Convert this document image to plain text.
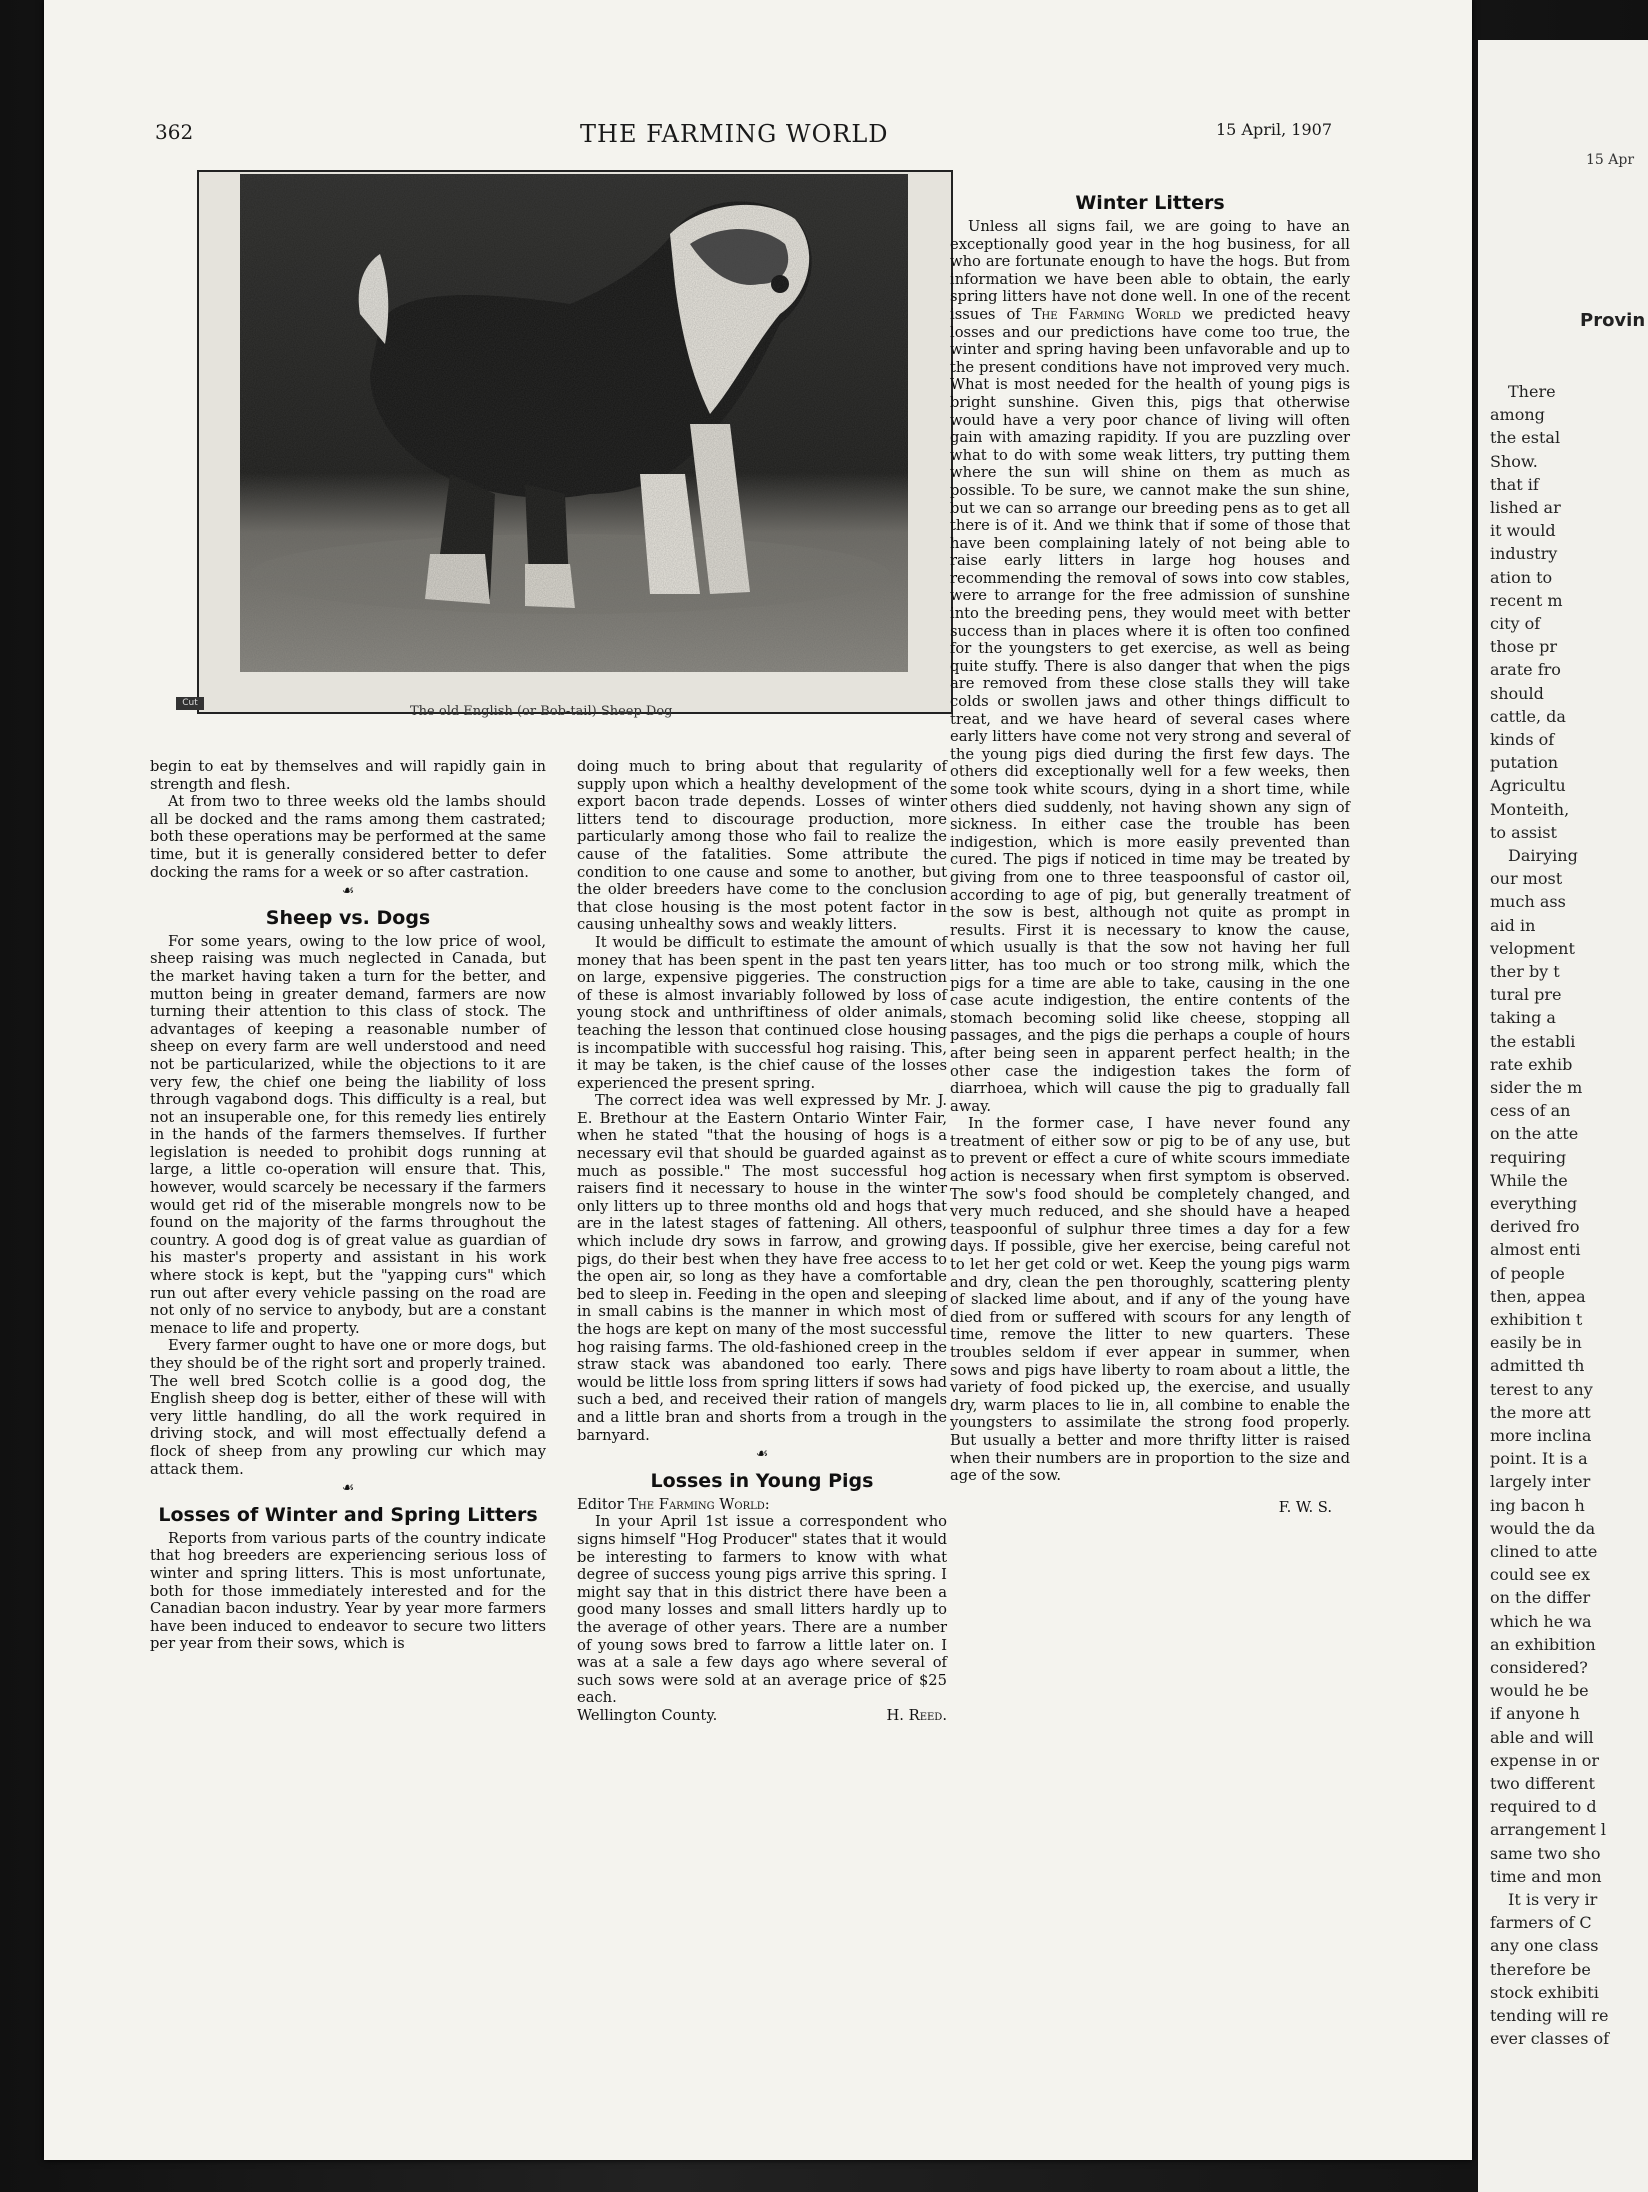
362	THE FARMING WORLD	15 April, 1907
Cut
The old English (or Bob-tail) Sheep Dog

begin to eat by themselves and will rapidly gain in strength and flesh.

At from two to three weeks old the lambs should all be docked and the rams among them castrated; both these operations may be performed at the same time, but it is generally considered better to defer docking the rams for a week or so after castration.

☙
Sheep vs. Dogs

For some years, owing to the low price of wool, sheep raising was much neglected in Canada, but the market having taken a turn for the better, and mutton being in greater demand, farmers are now turning their attention to this class of stock. The advantages of keeping a reasonable number of sheep on every farm are well understood and need not be particularized, while the objections to it are very few, the chief one being the liability of loss through vagabond dogs. This difficulty is a real, but not an insuperable one, for this remedy lies entirely in the hands of the farmers themselves. If further legislation is needed to prohibit dogs running at large, a little co-operation will ensure that. This, however, would scarcely be necessary if the farmers would get rid of the miserable mongrels now to be found on the majority of the farms throughout the country. A good dog is of great value as guardian of his master's property and assistant in his work where stock is kept, but the "yapping curs" which run out after every vehicle passing on the road are not only of no service to anybody, but are a constant menace to life and property.

Every farmer ought to have one or more dogs, but they should be of the right sort and properly trained. The well bred Scotch collie is a good dog, the English sheep dog is better, either of these will with very little handling, do all the work required in driving stock, and will most effectually defend a flock of sheep from any prowling cur which may attack them.

☙
Losses of Winter and Spring Litters

Reports from various parts of the country indicate that hog breeders are experiencing serious loss of winter and spring litters. This is most unfortunate, both for those immediately interested and for the Canadian bacon industry. Year by year more farmers have been induced to endeavor to secure two litters per year from their sows, which is

doing much to bring about that regularity of supply upon which a healthy development of the export bacon trade depends. Losses of winter litters tend to discourage production, more particularly among those who fail to realize the cause of the fatalities. Some attribute the condition to one cause and some to another, but the older breeders have come to the conclusion that close housing is the most potent factor in causing unhealthy sows and weakly litters.

It would be difficult to estimate the amount of money that has been spent in the past ten years on large, expensive piggeries. The construction of these is almost invariably followed by loss of young stock and unthriftiness of older animals, teaching the lesson that continued close housing is incompatible with successful hog raising. This, it may be taken, is the chief cause of the losses experienced the present spring.

The correct idea was well expressed by Mr. J. E. Brethour at the Eastern Ontario Winter Fair, when he stated "that the housing of hogs is a necessary evil that should be guarded against as much as possible." The most successful hog raisers find it necessary to house in the winter only litters up to three months old and hogs that are in the latest stages of fattening. All others, which include dry sows in farrow, and growing pigs, do their best when they have free access to the open air, so long as they have a comfortable bed to sleep in. Feeding in the open and sleeping in small cabins is the manner in which most of the hogs are kept on many of the most successful hog raising farms. The old-fashioned creep in the straw stack was abandoned too early. There would be little loss from spring litters if sows had such a bed, and received their ration of mangels and a little bran and shorts from a trough in the barnyard.

☙
Losses in Young Pigs

Editor The Farming World:

In your April 1st issue a correspondent who signs himself "Hog Producer" states that it would be interesting to farmers to know with what degree of success young pigs arrive this spring. I might say that in this district there have been a good many losses and small litters hardly up to the average of other years. There are a number of young sows bred to farrow a little later on. I was at a sale a few days ago where several of such sows were sold at an average price of $25 each.

Wellington County.	H. Reed.
Winter Litters

Unless all signs fail, we are going to have an exceptionally good year in the hog business, for all who are fortunate enough to have the hogs. But from information we have been able to obtain, the early spring litters have not done well. In one of the recent issues of The Farming World we predicted heavy losses and our predictions have come too true, the winter and spring having been unfavorable and up to the present conditions have not improved very much. What is most needed for the health of young pigs is bright sunshine. Given this, pigs that otherwise would have a very poor chance of living will often gain with amazing rapidity. If you are puzzling over what to do with some weak litters, try putting them where the sun will shine on them as much as possible. To be sure, we cannot make the sun shine, but we can so arrange our breeding pens as to get all there is of it. And we think that if some of those that have been complaining lately of not being able to raise early litters in large hog houses and recommending the removal of sows into cow stables, were to arrange for the free admission of sunshine into the breeding pens, they would meet with better success than in places where it is often too confined for the youngsters to get exercise, as well as being quite stuffy. There is also danger that when the pigs are removed from these close stalls they will take colds or swollen jaws and other things difficult to treat, and we have heard of several cases where early litters have come not very strong and several of the young pigs died during the first few days. The others did exceptionally well for a few weeks, then some took white scours, dying in a short time, while others died suddenly, not having shown any sign of sickness. In either case the trouble has been indigestion, which is more easily prevented than cured. The pigs if noticed in time may be treated by giving from one to three teaspoonsful of castor oil, according to age of pig, but generally treatment of the sow is best, although not quite as prompt in results. First it is necessary to know the cause, which usually is that the sow not having her full litter, has too much or too strong milk, which the pigs for a time are able to take, causing in the one case acute indigestion, the entire contents of the stomach becoming solid like cheese, stopping all passages, and the pigs die perhaps a couple of hours after being seen in apparent perfect health; in the other case the indigestion takes the form of diarrhoea, which will cause the pig to gradually fall away.

In the former case, I have never found any treatment of either sow or pig to be of any use, but to prevent or effect a cure of white scours immediate action is necessary when first symptom is observed. The sow's food should be completely changed, and very much reduced, and she should have a heaped teaspoonful of sulphur three times a day for a few days. If possible, give her exercise, being careful not to let her get cold or wet. Keep the young pigs warm and dry, clean the pen thoroughly, scattering plenty of slacked lime about, and if any of the young have died from or suffered with scours for any length of time, remove the litter to new quarters. These troubles seldom if ever appear in summer, when sows and pigs have liberty to roam about a little, the variety of food picked up, the exercise, and usually dry, warm places to lie in, all combine to enable the youngsters to assimilate the strong food properly. But usually a better and more thrifty litter is raised when their numbers are in proportion to the size and age of the sow.

F. W. S.
15 Apr
Provin
There
among
the estal
Show.
that if
lished ar
it would
industry
ation to
recent m
city of
those pr
arate fro
should
cattle, da
kinds of
putation
Agricultu
Monteith,
to assist
Dairying
our most
much ass
aid in
velopment
ther by t
tural pre
taking a
the establi
rate exhib
sider the m
cess of an
on the atte
requiring
While the
everything
derived fro
almost enti
of people
then, appea
exhibition t
easily be in
admitted th
terest to any
the more att
more inclina
point. It is a
largely inter
ing bacon h
would the da
clined to atte
could see ex
on the differ
which he wa
an exhibition
considered?
would he be
if anyone h
able and will
expense in or
two different
required to d
arrangement l
same two sho
time and mon
It is very ir
farmers of C
any one class
therefore be
stock exhibiti
tending will re
ever classes of
